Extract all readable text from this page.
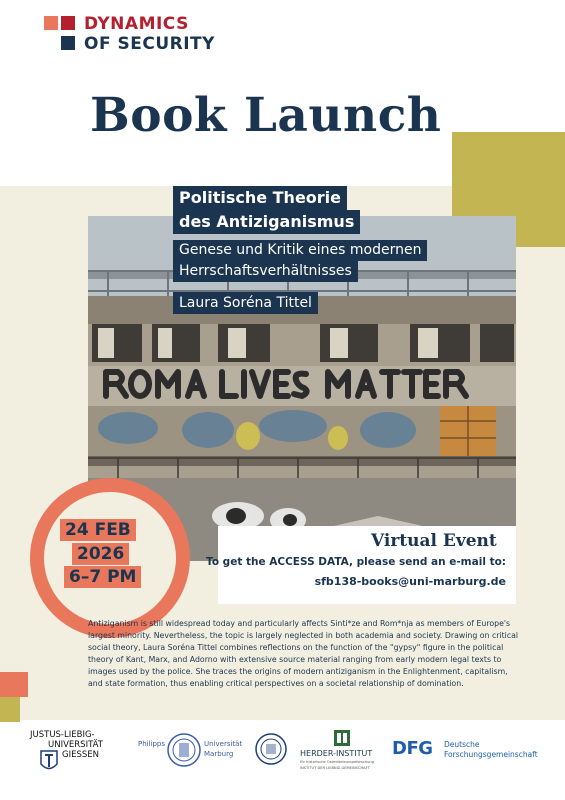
DYNAMICS
OF SECURITY
Book Launch
Politische Theorie
des Antiziganismus
Genese und Kritik eines modernen
Herrschaftsverhältnisses
Laura Soréna Tittel
24 FEB
2026
6–7 PM
Virtual Event
To get the ACCESS DATA, please send an e-mail to:
sfb138-books@uni-marburg.de
Antiziganism is still widespread today and particularly affects Sinti*ze and Rom*nja as members of Europe's largest minority. Nevertheless, the topic is largely neglected in both academia and society. Drawing on critical social theory, Laura Soréna Tittel combines reflections on the function of the "gypsy" figure in the political theory of Kant, Marx, and Adorno with extensive source material ranging from early modern legal texts to images used by the police. She traces the origins of modern antiziganism in the Enlightenment, capitalism, and state formation, thus enabling critical perspectives on a societal relationship of domination.
JUSTUS-LIEBIG-
UNIVERSITÄT
GIESSEN
Philipps	Universität
Marburg	HERDER-INSTITUT
für historische Ostmitteleuropaforschung
INSTITUT DER LEIBNIZ-GEMEINSCHAFT
DFG Deutsche
Forschungsgemeinschaft
